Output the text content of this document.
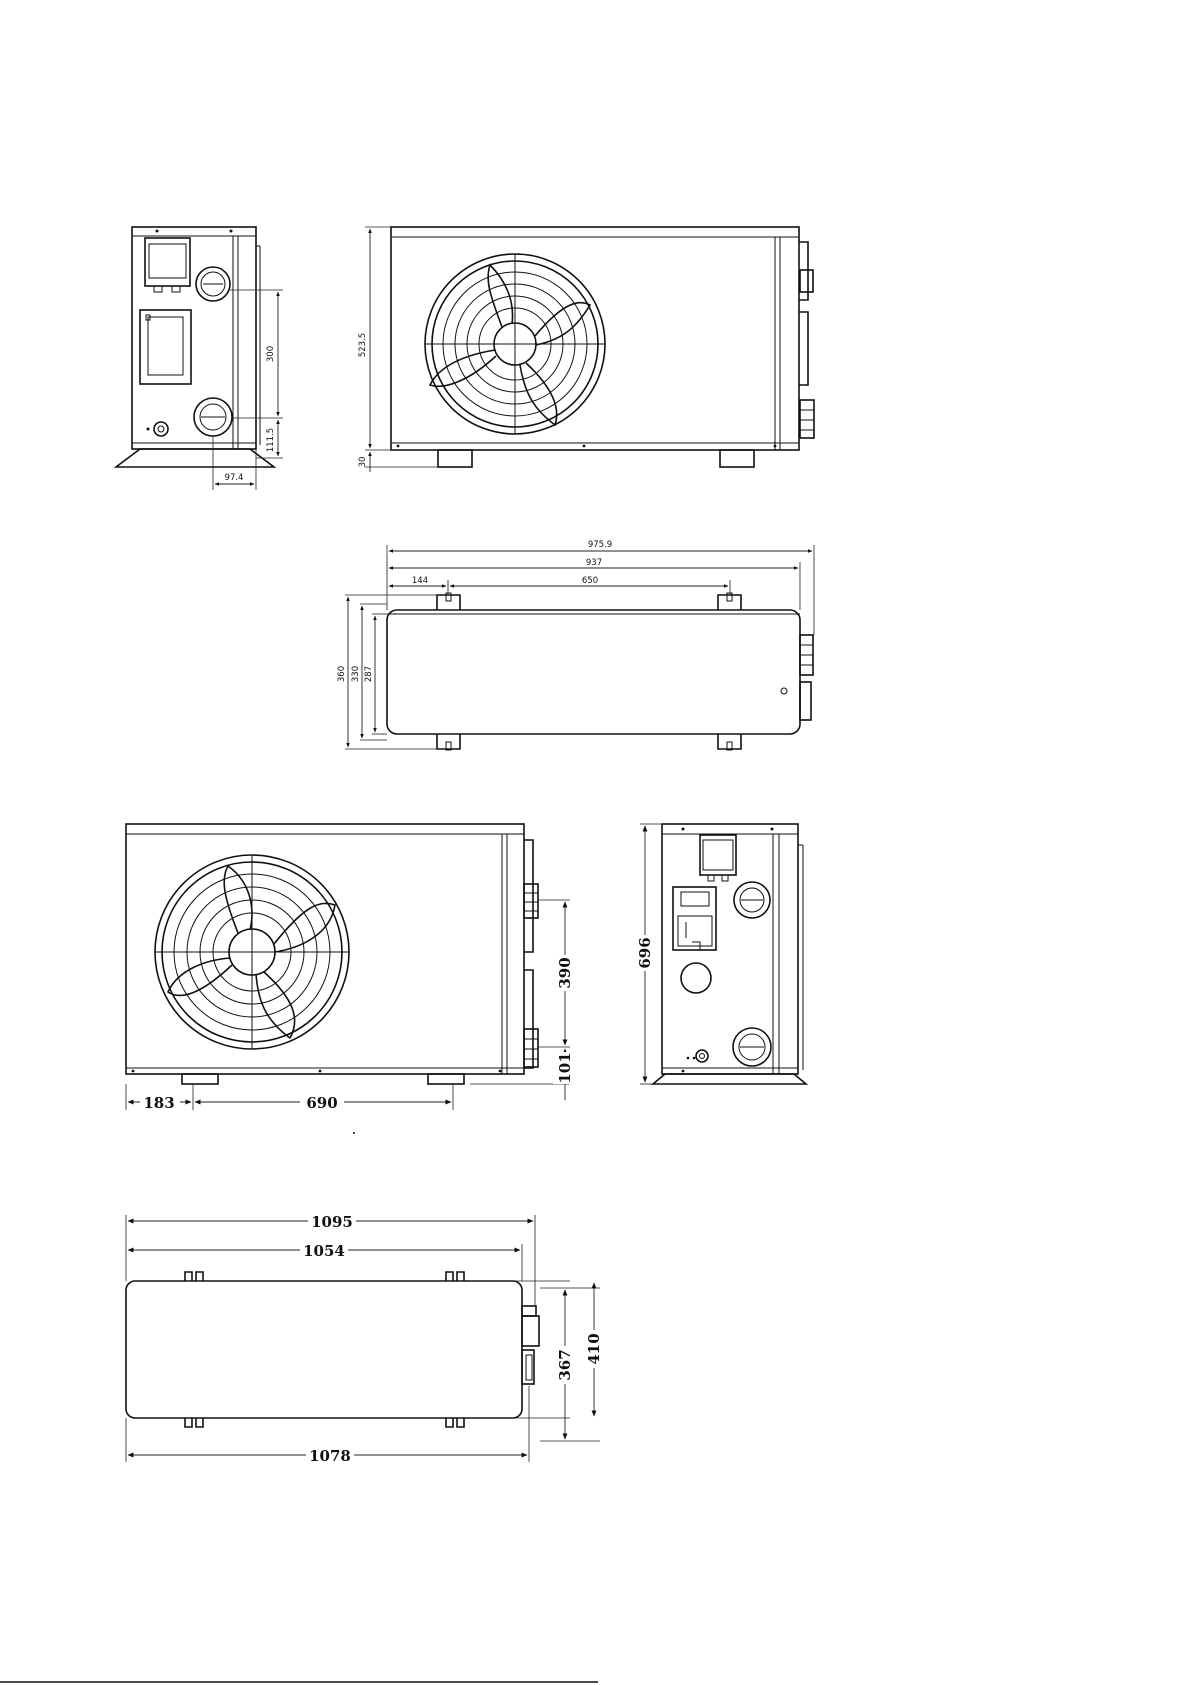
300
111.5
97.4
523.5
30
975.9
937
144	650
360 330 287
390
101
183	690
696
1095
1054
1078
367
410
